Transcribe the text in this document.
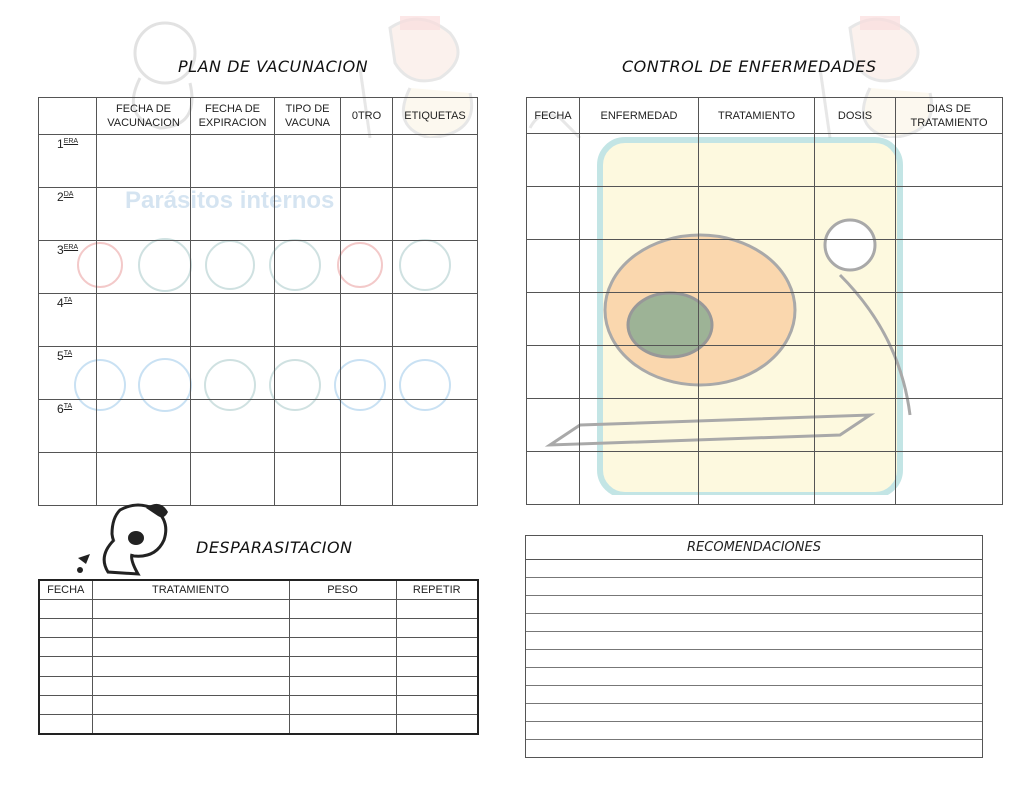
Parásitos internos
PLAN DE VACUNACION
	FECHA DE VACUNACION	FECHA DE EXPIRACION	TIPO DE VACUNA	0TRO	ETIQUETAS

$1^{ERA}$

$2^{DA}$

$3^{ERA}$

$4^{TA}$

$5^{TA}$

$6^{TA}$

CONTROL DE ENFERMEDADES
FECHA	ENFERMEDAD	TRATAMIENTO	DOSIS	DIAS DE TRATAMIENTO

DESPARASITACION
FECHA	TRATAMIENTO	PESO	REPETIR

RECOMENDACIONES
